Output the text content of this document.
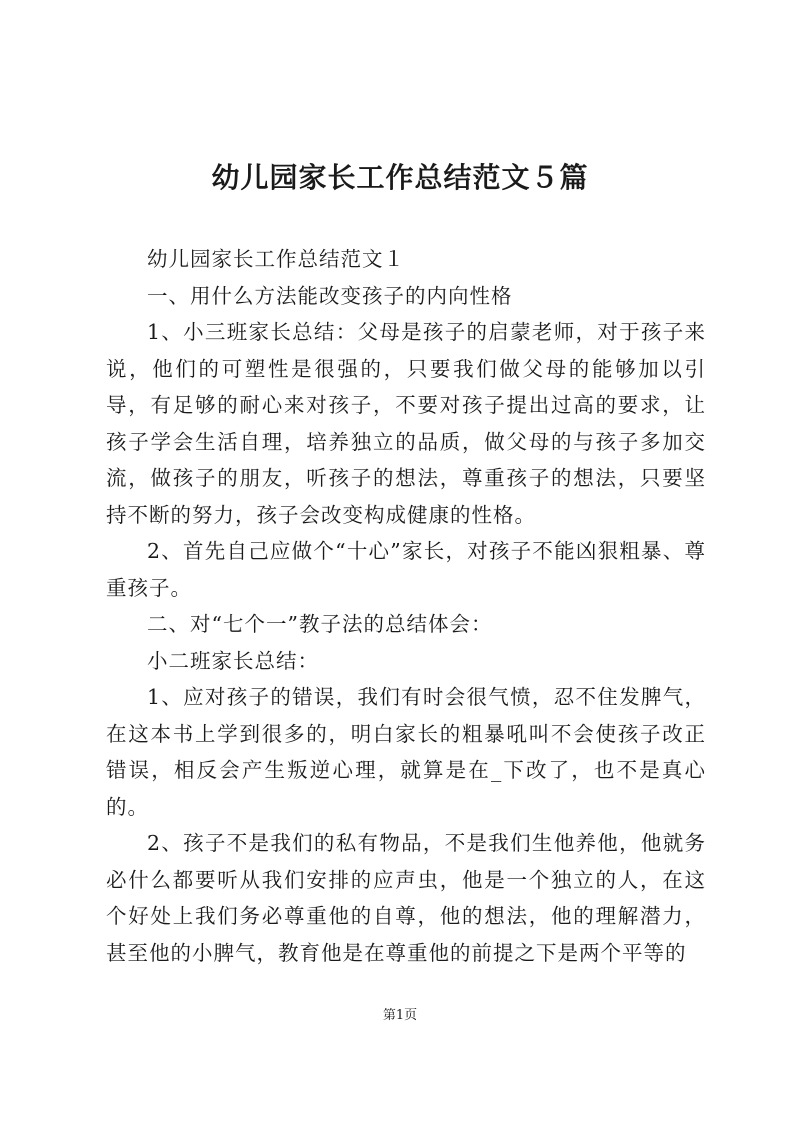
幼儿园家长工作总结范文５篇

幼儿园家长工作总结范文１

一、用什么方法能改变孩子的内向性格

1、小三班家长总结：父母是孩子的启蒙老师，对于孩子来说，他们的可塑性是很强的，只要我们做父母的能够加以引导，有足够的耐心来对孩子，不要对孩子提出过高的要求，让孩子学会生活自理，培养独立的品质，做父母的与孩子多加交流，做孩子的朋友，听孩子的想法，尊重孩子的想法，只要坚持不断的努力，孩子会改变构成健康的性格。

2、首先自己应做个“十心”家长，对孩子不能凶狠粗暴、尊重孩子。

二、对“七个一”教子法的总结体会：

小二班家长总结：

1、应对孩子的错误，我们有时会很气愤，忍不住发脾气，在这本书上学到很多的，明白家长的粗暴吼叫不会使孩子改正错误，相反会产生叛逆心理，就算是在_下改了，也不是真心的。

2、孩子不是我们的私有物品，不是我们生他养他，他就务必什么都要听从我们安排的应声虫，他是一个独立的人，在这个好处上我们务必尊重他的自尊，他的想法，他的理解潜力，甚至他的小脾气，教育他是在尊重他的前提之下是两个平等的

第1页
